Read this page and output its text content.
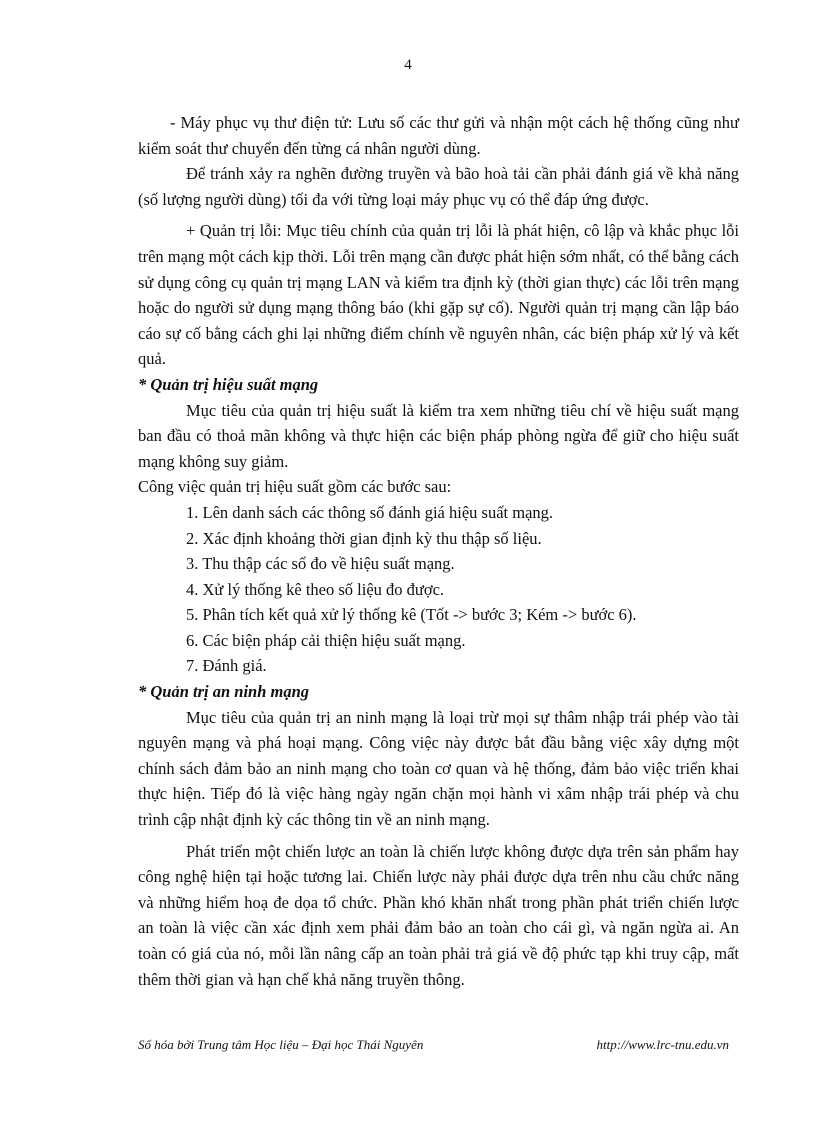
4

- Máy phục vụ thư điện tử: Lưu số các thư gửi và nhận một cách hệ thống cũng như kiểm soát thư chuyển đến từng cá nhân người dùng.

Để tránh xảy ra nghẽn đường truyền và bão hoà tải cần phải đánh giá về khả năng (số lượng người dùng) tối đa với từng loại máy phục vụ có thể đáp ứng được.

+ Quản trị lỗi: Mục tiêu chính của quản trị lỗi là phát hiện, cô lập và khắc phục lỗi trên mạng một cách kịp thời. Lỗi trên mạng cần được phát hiện sớm nhất, có thể bằng cách sử dụng công cụ quản trị mạng LAN và kiểm tra định kỳ (thời gian thực) các lỗi trên mạng hoặc do người sử dụng mạng thông báo (khi gặp sự cố). Người quản trị mạng cần lập báo cáo sự cố bằng cách ghi lại những điểm chính về nguyên nhân, các biện pháp xử lý và kết quả.

* Quản trị hiệu suất mạng

Mục tiêu của quản trị hiệu suất là kiểm tra xem những tiêu chí về hiệu suất mạng ban đầu có thoả mãn không và thực hiện các biện pháp phòng ngừa để giữ cho hiệu suất mạng không suy giảm.

Công việc quản trị hiệu suất gồm các bước sau:

1. Lên danh sách các thông số đánh giá hiệu suất mạng.

2. Xác định khoảng thời gian định kỳ thu thập số liệu.

3. Thu thập các số đo về hiệu suất mạng.

4. Xử lý thống kê theo số liệu đo được.

5. Phân tích kết quả xử lý thống kê (Tốt -> bước 3; Kém -> bước 6).

6. Các biện pháp cải thiện hiệu suất mạng.

7. Đánh giá.

* Quản trị an ninh mạng

Mục tiêu của quản trị an ninh mạng là loại trừ mọi sự thâm nhập trái phép vào tài nguyên mạng và phá hoại mạng. Công việc này được bắt đầu bằng việc xây dựng một chính sách đảm bảo an ninh mạng cho toàn cơ quan và hệ thống, đảm bảo việc triển khai thực hiện. Tiếp đó là việc hàng ngày ngăn chặn mọi hành vi xâm nhập trái phép và chu trình cập nhật định kỳ các thông tin về an ninh mạng.

Phát triển một chiến lược an toàn là chiến lược không được dựa trên sản phẩm hay công nghệ hiện tại hoặc tương lai. Chiến lược này phải được dựa trên nhu cầu chức năng và những hiểm hoạ đe dọa tổ chức. Phần khó khăn nhất trong phần phát triển chiến lược an toàn là việc cần xác định xem phải đảm bảo an toàn cho cái gì, và ngăn ngừa ai. An toàn có giá của nó, mỗi lần nâng cấp an toàn phải trả giá về độ phức tạp khi truy cập, mất thêm thời gian và hạn chế khả năng truyền thông.

Số hóa bởi Trung tâm Học liệu – Đại học Thái Nguyên	http://www.lrc-tnu.edu.vn
